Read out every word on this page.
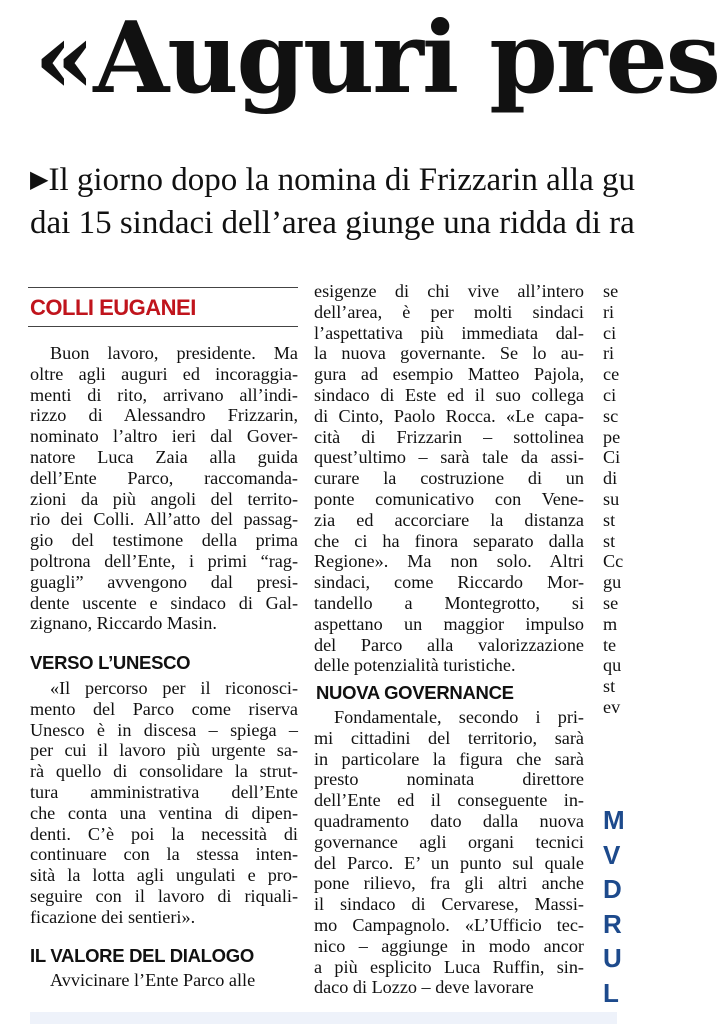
«Auguri pres
▶Il giorno dopo la nomina di Frizzarin alla gu
dai 15 sindaci dell’area giunge una ridda di ra
COLLI EUGANEI
Buon lavoro, presidente. Ma
oltre agli auguri ed incoraggia-
menti di rito, arrivano all’indi-
rizzo di Alessandro Frizzarin,
nominato l’altro ieri dal Gover-
natore Luca Zaia alla guida
dell’Ente Parco, raccomanda-
zioni da più angoli del territo-
rio dei Colli. All’atto del passag-
gio del testimone della prima
poltrona dell’Ente, i primi “rag-
guagli” avvengono dal presi-
dente uscente e sindaco di Gal-
zignano, Riccardo Masin.
VERSO L’UNESCO
«Il percorso per il riconosci-
mento del Parco come riserva
Unesco è in discesa – spiega –
per cui il lavoro più urgente sa-
rà quello di consolidare la strut-
tura amministrativa dell’Ente
che conta una ventina di dipen-
denti. C’è poi la necessità di
continuare con la stessa inten-
sità la lotta agli ungulati e pro-
seguire con il lavoro di riquali-
ficazione dei sentieri».
IL VALORE DEL DIALOGO
Avvicinare l’Ente Parco alle
esigenze di chi vive all’intero
dell’area, è per molti sindaci
l’aspettativa più immediata dal-
la nuova governante. Se lo au-
gura ad esempio Matteo Pajola,
sindaco di Este ed il suo collega
di Cinto, Paolo Rocca. «Le capa-
cità di Frizzarin – sottolinea
quest’ultimo – sarà tale da assi-
curare la costruzione di un
ponte comunicativo con Vene-
zia ed accorciare la distanza
che ci ha finora separato dalla
Regione». Ma non solo. Altri
sindaci, come Riccardo Mor-
tandello a Montegrotto, si
aspettano un maggior impulso
del Parco alla valorizzazione
delle potenzialità turistiche.
NUOVA GOVERNANCE
Fondamentale, secondo i pri-
mi cittadini del territorio, sarà
in particolare la figura che sarà
presto nominata direttore
dell’Ente ed il conseguente in-
quadramento dato dalla nuova
governance agli organi tecnici
del Parco. E’ un punto sul quale
pone rilievo, fra gli altri anche
il sindaco di Cervarese, Massi-
mo Campagnolo. «L’Ufficio tec-
nico – aggiunge in modo ancor
a più esplicito Luca Ruffin, sin-
daco di Lozzo – deve lavorare
se
ri
ci
ri
ce
ci
sc
pe
Ci
di
su
st
st
Cc
gu
se
m
te
qu
st
ev
M
V
D
R
U
L
